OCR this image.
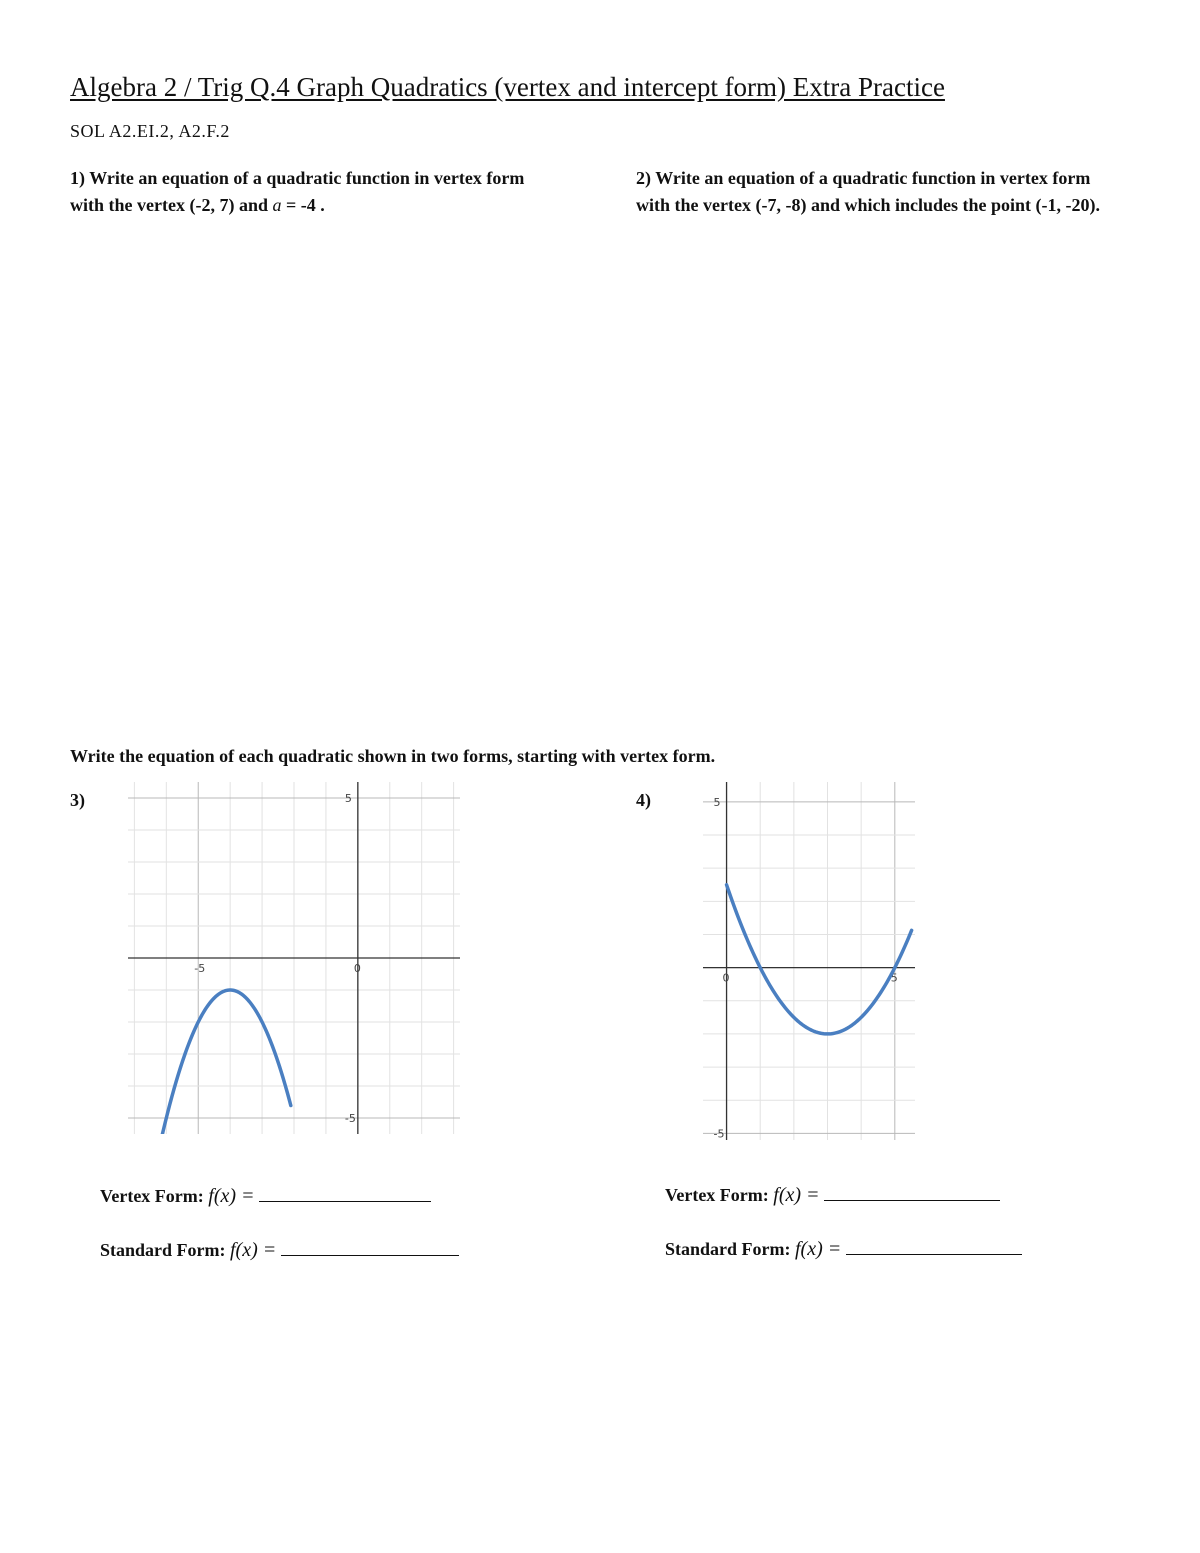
Algebra 2 / Trig Q.4 Graph Quadratics (vertex and intercept form) Extra Practice
SOL A2.EI.2, A2.F.2
1) Write an equation of a quadratic function in vertex form with the vertex (-2, 7) and a = -4 .
2) Write an equation of a quadratic function in vertex form with the vertex (-7, -8) and which includes the point (-1, -20).
Write the equation of each quadratic shown in two forms, starting with vertex form.
3)	4)
-5	0
5
-5
0	5
5
-5
Vertex Form: f(x) =
Standard Form: f(x) =
Vertex Form: f(x) =
Standard Form: f(x) =
